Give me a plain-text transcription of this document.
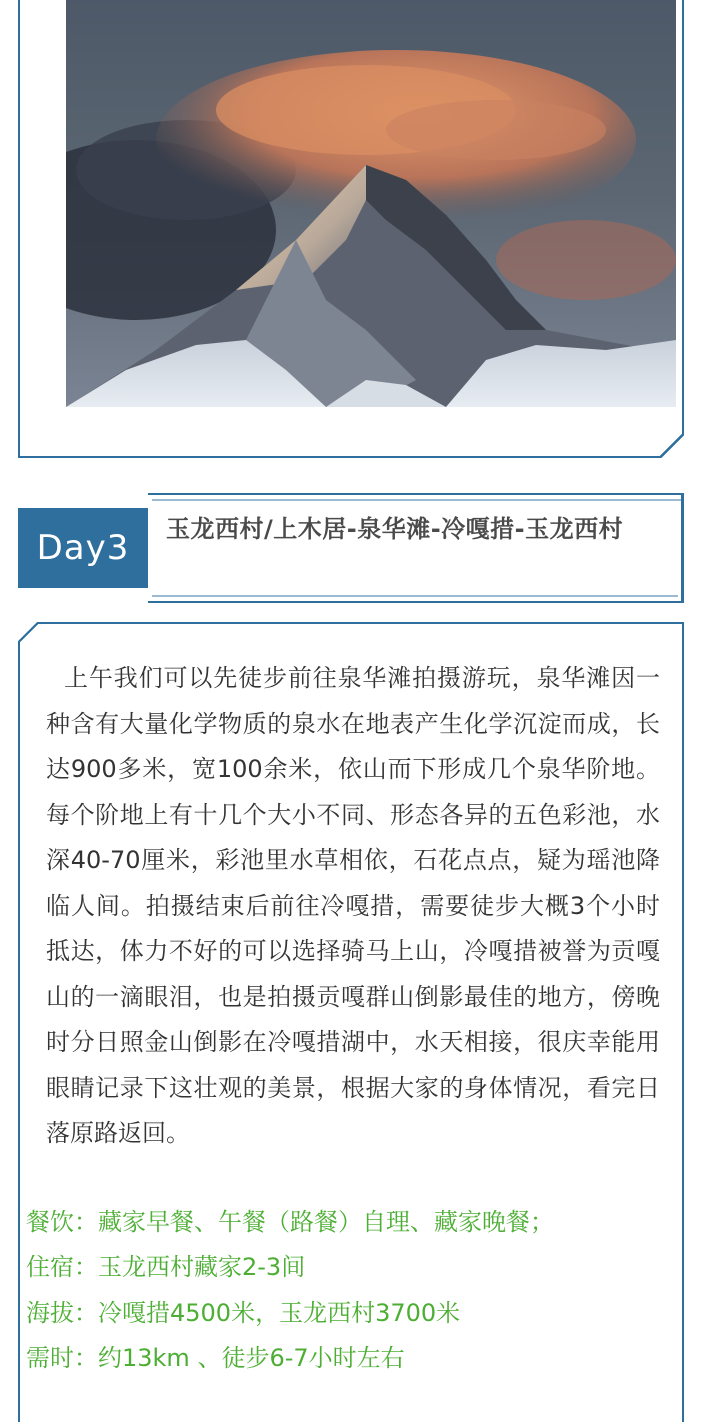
Day3	玉龙西村/上木居-泉华滩-冷嘎措-玉龙西村

上午我们可以先徒步前往泉华滩拍摄游玩，泉华滩因一种含有大量化学物质的泉水在地表产生化学沉淀而成，长达900多米，宽100余米，依山而下形成几个泉华阶地。每个阶地上有十几个大小不同、形态各异的五色彩池，水深40-70厘米，彩池里水草相依，石花点点，疑为瑶池降临人间。拍摄结束后前往冷嘎措，需要徒步大概3个小时抵达，体力不好的可以选择骑马上山，冷嘎措被誉为贡嘎山的一滴眼泪，也是拍摄贡嘎群山倒影最佳的地方，傍晚时分日照金山倒影在冷嘎措湖中，水天相接，很庆幸能用眼睛记录下这壮观的美景，根据大家的身体情况，看完日落原路返回。

餐饮：藏家早餐、午餐（路餐）自理、藏家晚餐；
住宿：玉龙西村藏家2-3间
海拔：冷嘎措4500米，玉龙西村3700米
需时：约13km 、徒步6-7小时左右
